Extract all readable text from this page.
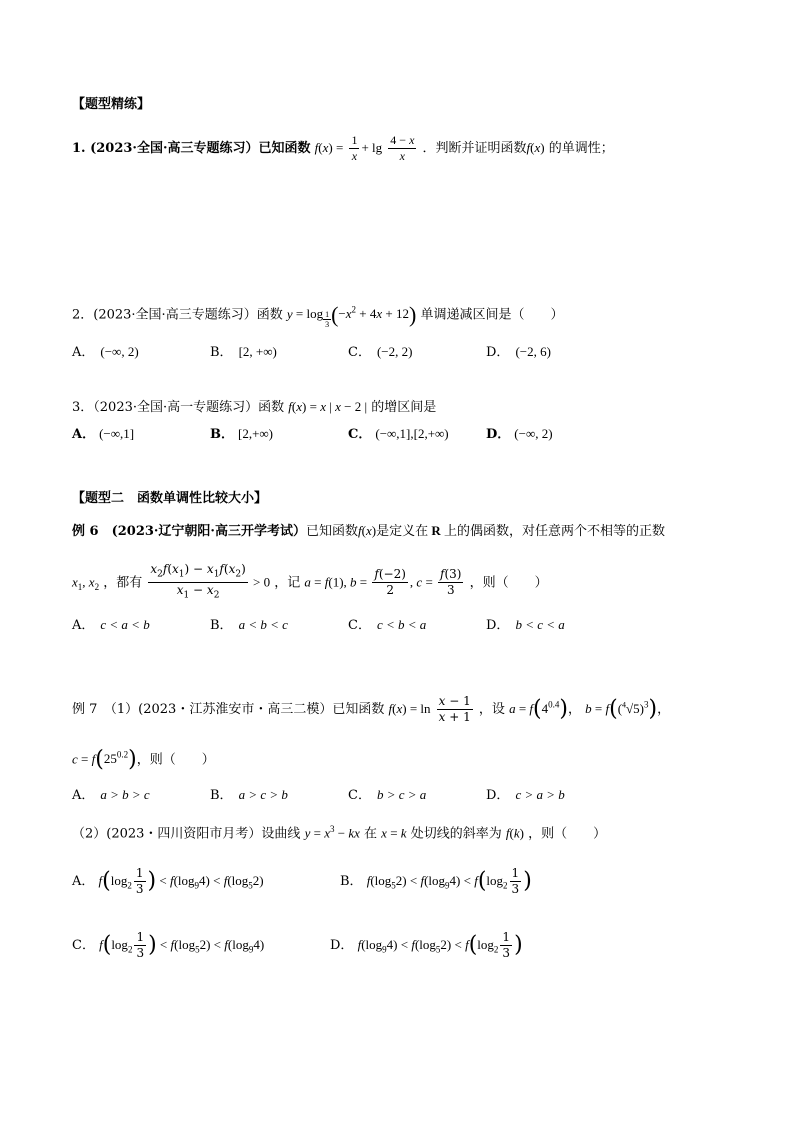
【题型精练】
1. (2023·全国·高三专题练习）已知函数 $f(x) = \frac{1}{x} + \lg \frac{4 - x}{x}$ ．判断并证明函数f(x) 的单调性；
2．(2023·全国·高三专题练习）函数 y = log $_{\frac{1}{3}}$ $(-x^2 + 4x + 12)$ 单调递减区间是（　　）
A． (−∞, 2)	B． [2, +∞)	C． (−2, 2)	D． (−2, 6)
3．（2023·全国·高一专题练习）函数 f(x) = x | x − 2 | 的增区间是
A． (−∞,1]	B． [2,+∞)	C． (−∞,1],[2,+∞)	D． (−∞, 2)
【题型二　函数单调性比较大小】
例 6　(2023·辽宁朝阳·高三开学考试）已知函数f(x)是定义在 R 上的偶函数，对任意两个不相等的正数
$x_1$, $x_2$ ，都有 $\frac{x_2f(x_1) - x_1f(x_2)}{x_1 - x_2} > 0$ ，记 a = f(1), $b = \frac{f(-2)}{2}$ , $c = \frac{f(3)}{3}$ ，则（　　）
A． c < a < b	B． a < b < c	C． c < b < a	D． b < c < a
例 7　（1）(2023・江苏淮安市・高三二模）已知函数 $f(x) = \ln \frac{x - 1}{x + 1}$ ，设 $a = f(4^{0.4})$， $b = f((^4√5)^3)$，
$c = f(25^{0.2})$，则（　　）
A． a > b > c	B． a > c > b	C． b > c > a	D． c > a > b
（2）(2023・四川资阳市月考）设曲线 $y = x^3$ − kx 在 x = k 处切线的斜率为 f(k) ，则（　　）
A． $f(\log_2 \frac{1}{3}$ ) < $f(\log_94) < f(\log_52)$	B． $f(\log_52) < f(\log_94) < f(\log_2 \frac{1}{3}$ )
C． $f(\log_2 \frac{1}{3}$ ) < $f(\log_52) < f(\log_94)$	D． $f(\log_94) < f(\log_52) < f(\log_2 \frac{1}{3}$ )
